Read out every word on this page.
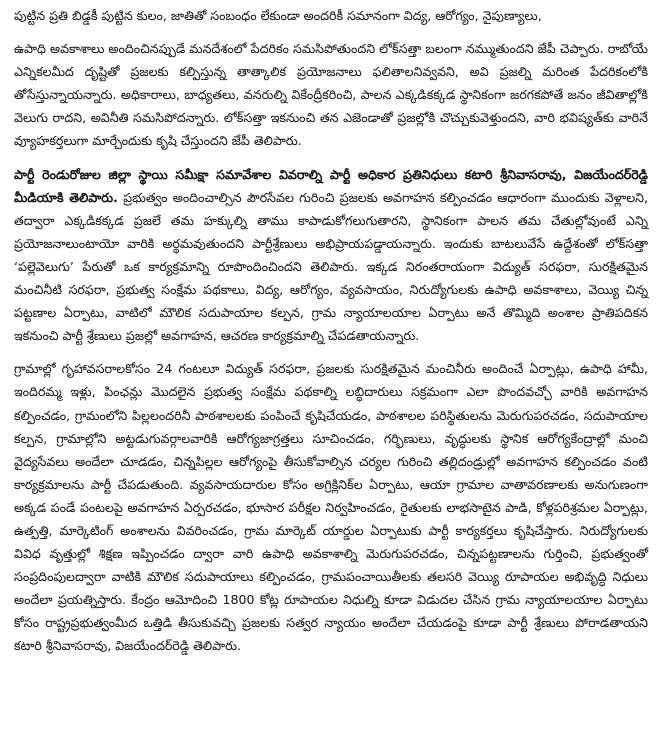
పుట్టిన ప్రతి బిడ్డకీ పుట్టిన కులం, జాతితో సంబంధం లేకుండా అందరికీ సమానంగా విద్య, ఆరోగ్యం, నైపుణ్యాలు,

ఉపాధి అవకాశాలు అందించినప్పుడే మనదేశంలో పేదరికం సమసిపోతుందని లోక్‌సత్తా బలంగా నమ్ముతుందని జేపీ చెప్పారు. రాబోయే ఎన్నికలమీద దృష్టితో ప్రజలకు కల్పిస్తున్న తాత్కాలిక ప్రయోజనాలు ఫలితాలనివ్వవని, అవి ప్రజల్ని మరింత పేదరికంలోకి తోసేస్తున్నాయన్నారు. అధికారాలు, బాధ్యతలు, వనరుల్ని వికేంద్రీకరించి, పాలన ఎక్కడికక్కడ స్థానికంగా జరగకపోతే జనం జీవితాల్లోకి వెలుగు రాదని, అవినీతి సమసిపోదన్నారు. లోక్‌సత్తా ఇకనుంచి తన ఎజెండాతో ప్రజల్లోకి చొచ్చుకువెళ్తుందని, వారి భవిష్యత్‌కు వారినే వ్యూహకర్తలుగా మార్చేందుకు కృషి చేస్తుందని జేపీ తెలిపారు.

పార్టీ రెండురోజుల జిల్లా స్థాయి సమీక్షా సమావేశాల వివరాల్ని పార్టీ అధికార ప్రతినిధులు కటారి శ్రీనివాసరావు, విజయేందర్‌రెడ్డి మీడియాకి తెలిపారు. ప్రభుత్వం అందించాల్సిన పౌరసేవల గురించి ప్రజలకు అవగాహన కల్పించడం ఆధారంగా ముందుకు వెళ్లాలని, తద్వారా ఎక్కడికక్కడ ప్రజలే తమ హక్కుల్ని తాము కాపాడుకోగలుగుతారని, స్థానికంగా పాలన తమ చేతుల్లోవుంటే ఎన్ని ప్రయోజనాలుంటాయో వారికి అర్థమవుతుందని పార్టీశ్రేణులు అభిప్రాయపడ్డాయన్నారు. ఇందుకు బాటలువేసే ఉద్దేశంతో లోక్‌సత్తా ‘పల్లెవెలుగు’ పేరుతో ఒక కార్యక్రమాన్ని రూపొందించిందని తెలిపారు. ఇక్కడ నిరంతరాయంగా విద్యుత్ సరఫరా, సురక్షితమైన మంచినీటి సరఫరా, ప్రభుత్వ సంక్షేమ పథకాలు, విద్య, ఆరోగ్యం, వ్యవసాయం, నిరుద్యోగులకు ఉపాధి అవకాశాలు, వెయ్యి చిన్న పట్టణాల ఏర్పాటు, వాటిలో మౌలిక సదుపాయాల కల్పన, గ్రామ న్యాయాలయాల ఏర్పాటు అనే తొమ్మిది అంశాల ప్రాతిపదికన ఇకనుంచి పార్టీ శ్రేణులు ప్రజల్లో అవగాహన, ఆచరణ కార్యక్రమాల్ని చేపడతాయన్నారు.

గ్రామాల్లో గృహావసరాలకోసం 24 గంటలూ విద్యుత్ సరఫరా, ప్రజలకు సురక్షితమైన మంచినీరు అందించే ఏర్పాట్లు, ఉపాధి హామీ, ఇందిరమ్మ ఇళ్లు, పింఛన్లు మొదలైన ప్రభుత్వ సంక్షేమ పథకాల్ని లబ్ధిదారులు సక్రమంగా ఎలా పొందవచ్చో వారికి అవగాహన కల్పించడం, గ్రామంలోని పిల్లలందరినీ పాఠశాలలకు పంపించే కృషిచేయడం, పాఠశాలల పరిస్థితులను మెరుగుపరచడం, సదుపాయాల కల్పన, గ్రామాల్లోని అట్టడుగువర్గాలవారికి ఆరోగ్యజాగ్రత్తలు సూచించడం, గర్భిణులు, వృద్ధులకు స్థానిక ఆరోగ్యకేంద్రాల్లో మంచి వైద్యసేవలు అందేలా చూడడం, చిన్నపిల్లల ఆరోగ్యంపై తీసుకోవాల్సిన చర్యల గురించి తల్లిదండ్రుల్లో అవగాహన కల్పించడం వంటి కార్యక్రమాలను పార్టీ చేపడుతుంది. వ్యవసాయదారుల కోసం అగ్రిక్లినిక్‌ల ఏర్పాటు, ఆయా గ్రామాల వాతావరణాలకు అనుగుణంగా అక్కడ పండే పంటలపై అవగాహన ఏర్పరచడం, భూసార పరీక్షల నిర్వహించడం, రైతులకు లాభసాటైన పాడి, కోళ్లపరిశ్రమల ఏర్పాట్లు, ఉత్పత్తి, మార్కెటింగ్ అంశాలను వివరించడం, గ్రామ మార్కెట్ యార్డుల ఏర్పాటుకు పార్టీ కార్యకర్తలు కృషిచేస్తారు. నిరుద్యోగులకు వివిధ వృత్తుల్లో శిక్షణ ఇప్పించడం ద్వారా వారి ఉపాధి అవకాశాల్ని మెరుగుపరచడం, చిన్నపట్టణాలను గుర్తించి, ప్రభుత్వంతో సంప్రదింపులద్వారా వాటికి మౌలిక సదుపాయాలు కల్పించడం, గ్రామపంచాయితీలకు తలసరి వెయ్యి రూపాయల అభివృద్ధి నిధులు అందేలా ప్రయత్నిస్తారు. కేంద్రం ఆమోదించి 1800 కోట్ల రూపాయల నిధుల్ని కూడా విడుదల చేసిన గ్రామ న్యాయాలయాల ఏర్పాటు కోసం రాష్ట్రప్రభుత్వంమీద ఒత్తిడి తీసుకువచ్చి ప్రజలకు సత్వర న్యాయం అందేలా చేయడంపై కూడా పార్టీ శ్రేణులు పోరాడతాయని కటారి శ్రీనివాసరావు, విజయేందర్‌రెడ్డి తెలిపారు.
